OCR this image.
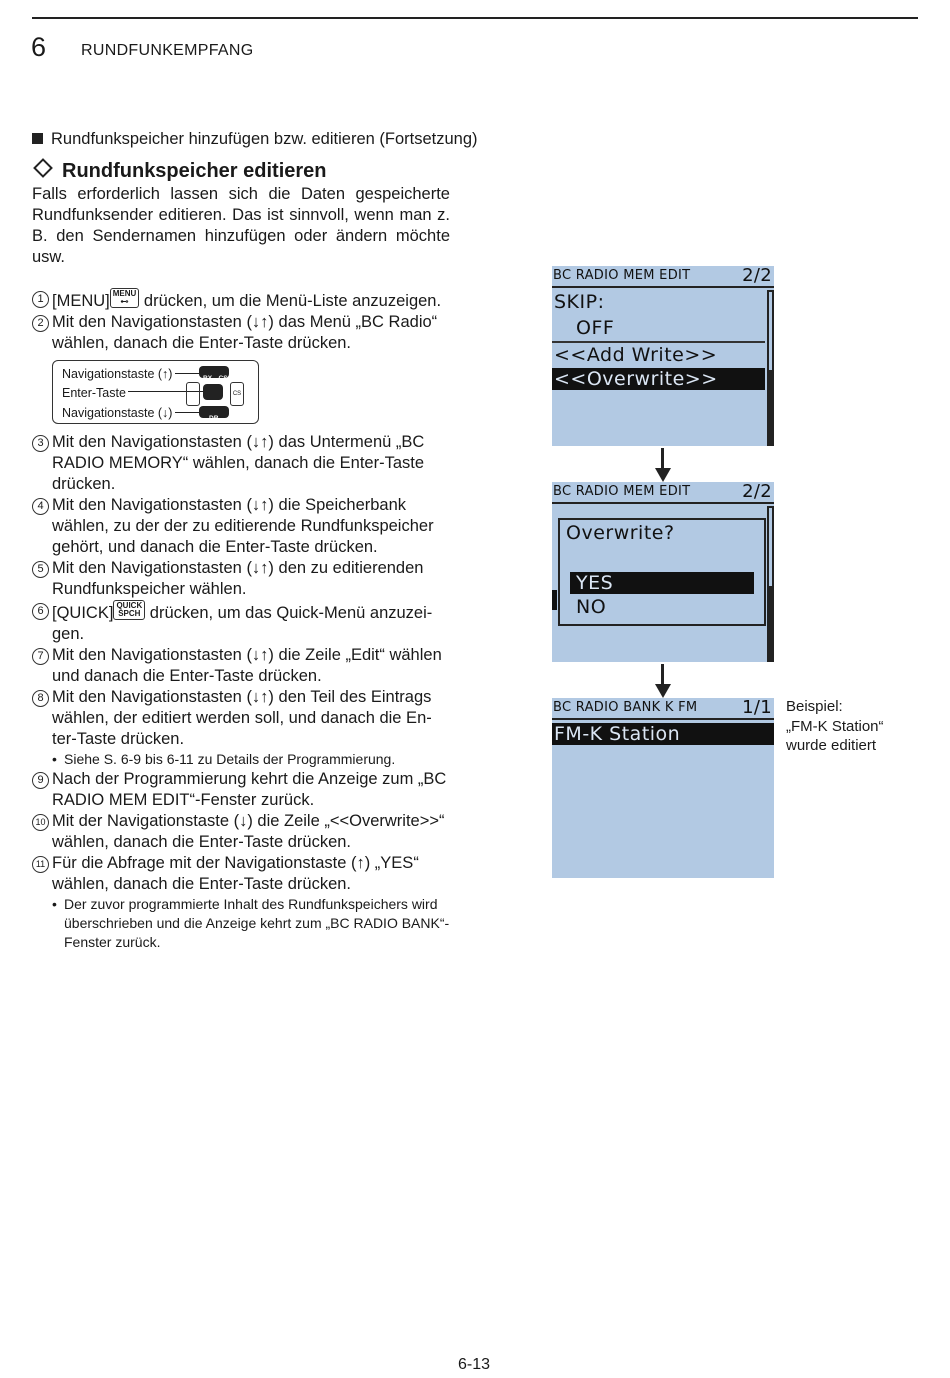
6 RUNDFUNKEMPFANG
Rundfunkspeicher hinzufügen bzw. editieren (Fortsetzung)
Rundfunkspeicher editieren
Falls erforderlich lassen sich die Daten gespeicherte Rundfunksender editieren. Das ist sinnvoll, wenn man z. B. den Sendernamen hinzufügen oder ändern möchte usw.
1 [MENU] MENU
⊷ drücken, um die Menü-Liste anzuzeigen.
2 Mit den Navigationstasten (↓↑) das Menü „BC Radio“ wählen, danach die Enter-Taste drücken.
Navigationstaste (↑)
Enter-Taste
Navigationstaste (↓)
RX→CS
DR
CS
3 Mit den Navigationstasten (↓↑) das Untermenü „BC RADIO MEMORY“ wählen, danach die Enter-Taste drücken.
4 Mit den Navigationstasten (↓↑) die Speicherbank wählen, zu der der zu editierende Rundfunkspeicher gehört, und danach die Enter-Taste drücken.
5 Mit den Navigationstasten (↓↑) den zu editierenden Rundfunkspeicher wählen.
6 [QUICK] QUICK
SPCH drücken, um das Quick-Menü anzuzeigen.
7 Mit den Navigationstasten (↓↑) die Zeile „Edit“ wählen und danach die Enter-Taste drücken.
8 Mit den Navigationstasten (↓↑) den Teil des Eintrags wählen, der editiert werden soll, und danach die Enter-Taste drücken.
• Siehe S. 6-9 bis 6-11 zu Details der Programmierung.
9 Nach der Programmierung kehrt die Anzeige zum „BC RADIO MEM EDIT“-Fenster zurück.
10 Mit der Navigationstaste (↓) die Zeile „<<Overwrite>>“ wählen, danach die Enter-Taste drücken.
11 Für die Abfrage mit der Navigationstaste (↑) „YES“ wählen, danach die Enter-Taste drücken.
• Der zuvor programmierte Inhalt des Rundfunkspeichers wird überschrieben und die Anzeige kehrt zum „BC RADIO BANK“-Fenster zurück.
BC RADIO MEM EDIT	2/2
SKIP:
OFF
<<Add Write>>
<<Overwrite>>
BC RADIO MEM EDIT	2/2
Overwrite?
YES
NO
BC RADIO BANK K FM 1/1
FM-K Station
Beispiel:
„FM-K Station“
wurde editiert
6-13
